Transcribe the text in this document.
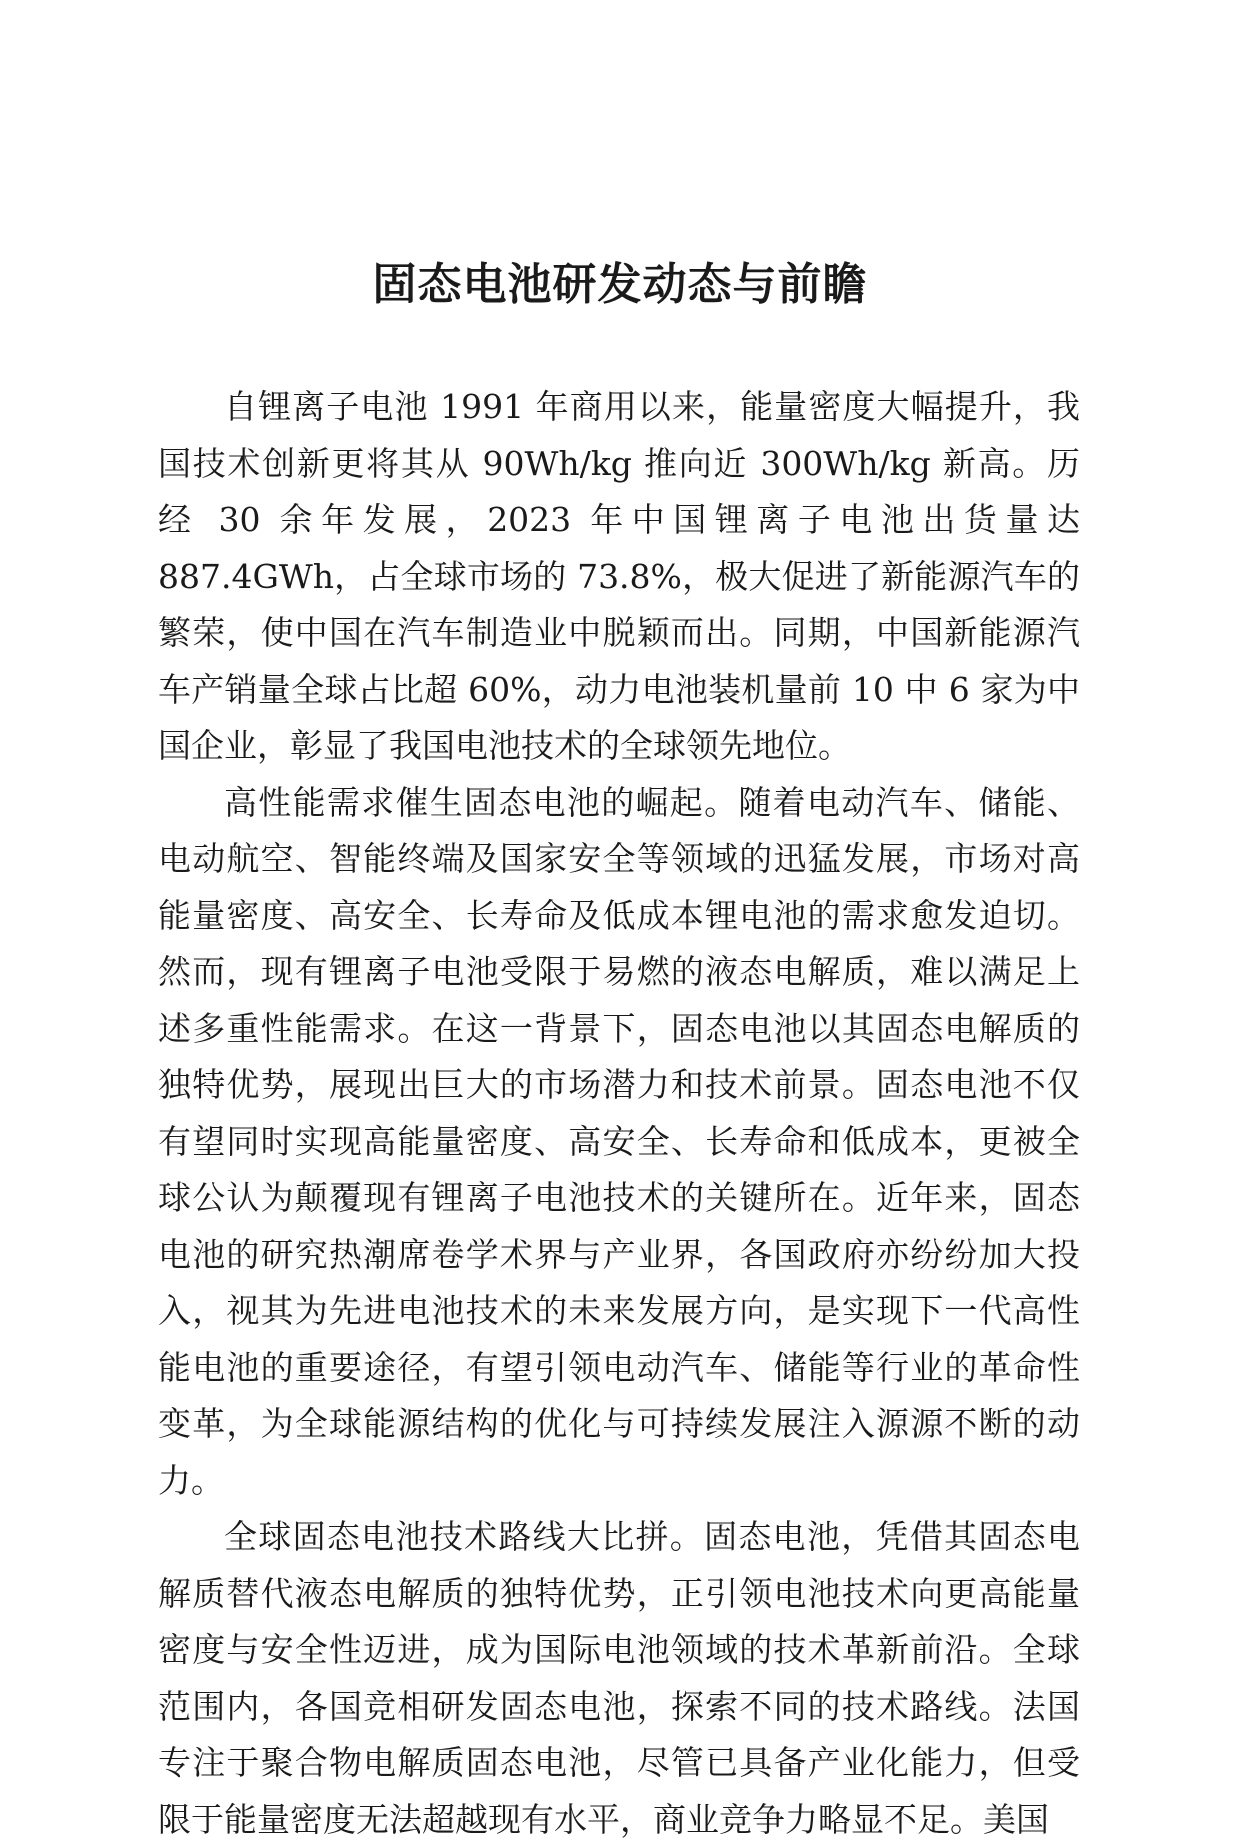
固态电池研发动态与前瞻

自锂离子电池 1991 年商用以来，能量密度大幅提升，我国技术创新更将其从 90Wh/kg 推向近 300Wh/kg 新高。历经 30 余年发展，2023 年中国锂离子电池出货量达 887.4GWh，占全球市场的 73.8%，极大促进了新能源汽车的繁荣，使中国在汽车制造业中脱颖而出。同期，中国新能源汽车产销量全球占比超 60%，动力电池装机量前 10 中 6 家为中国企业，彰显了我国电池技术的全球领先地位。

高性能需求催生固态电池的崛起。随着电动汽车、储能、电动航空、智能终端及国家安全等领域的迅猛发展，市场对高能量密度、高安全、长寿命及低成本锂电池的需求愈发迫切。然而，现有锂离子电池受限于易燃的液态电解质，难以满足上述多重性能需求。在这一背景下，固态电池以其固态电解质的独特优势，展现出巨大的市场潜力和技术前景。固态电池不仅有望同时实现高能量密度、高安全、长寿命和低成本，更被全球公认为颠覆现有锂离子电池技术的关键所在。近年来，固态电池的研究热潮席卷学术界与产业界，各国政府亦纷纷加大投入，视其为先进电池技术的未来发展方向，是实现下一代高性能电池的重要途径，有望引领电动汽车、储能等行业的革命性变革，为全球能源结构的优化与可持续发展注入源源不断的动力。

全球固态电池技术路线大比拼。固态电池，凭借其固态电解质替代液态电解质的独特优势，正引领电池技术向更高能量密度与安全性迈进，成为国际电池领域的技术革新前沿。全球范围内，各国竞相研发固态电池，探索不同的技术路线。法国专注于聚合物电解质固态电池，尽管已具备产业化能力，但受限于能量密度无法超越现有水平，商业竞争力略显不足。美国
